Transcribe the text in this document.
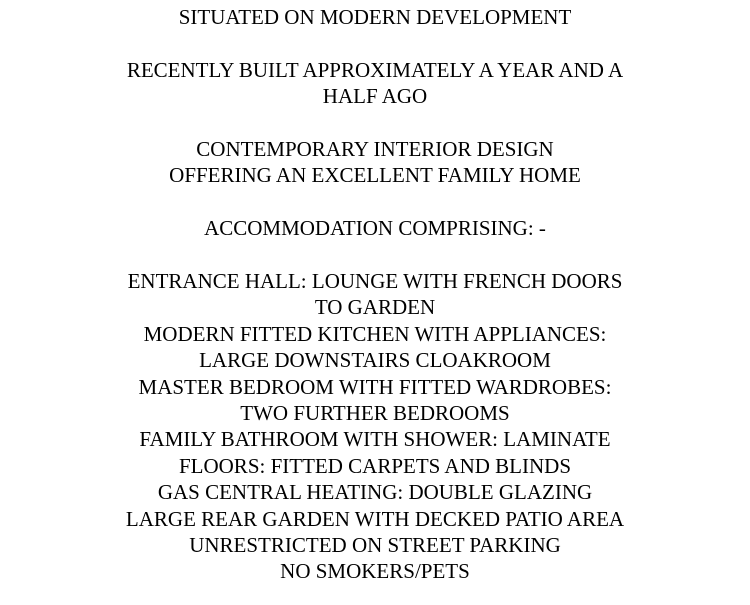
SITUATED ON MODERN DEVELOPMENT

RECENTLY BUILT APPROXIMATELY A YEAR AND A
HALF AGO

CONTEMPORARY INTERIOR DESIGN
OFFERING AN EXCELLENT FAMILY HOME

ACCOMMODATION COMPRISING: -

ENTRANCE HALL: LOUNGE WITH FRENCH DOORS
TO GARDEN
MODERN FITTED KITCHEN WITH APPLIANCES:
LARGE DOWNSTAIRS CLOAKROOM
MASTER BEDROOM WITH FITTED WARDROBES:
TWO FURTHER BEDROOMS
FAMILY BATHROOM WITH SHOWER: LAMINATE
FLOORS: FITTED CARPETS AND BLINDS
GAS CENTRAL HEATING: DOUBLE GLAZING
LARGE REAR GARDEN WITH DECKED PATIO AREA
UNRESTRICTED ON STREET PARKING
NO SMOKERS/PETS
